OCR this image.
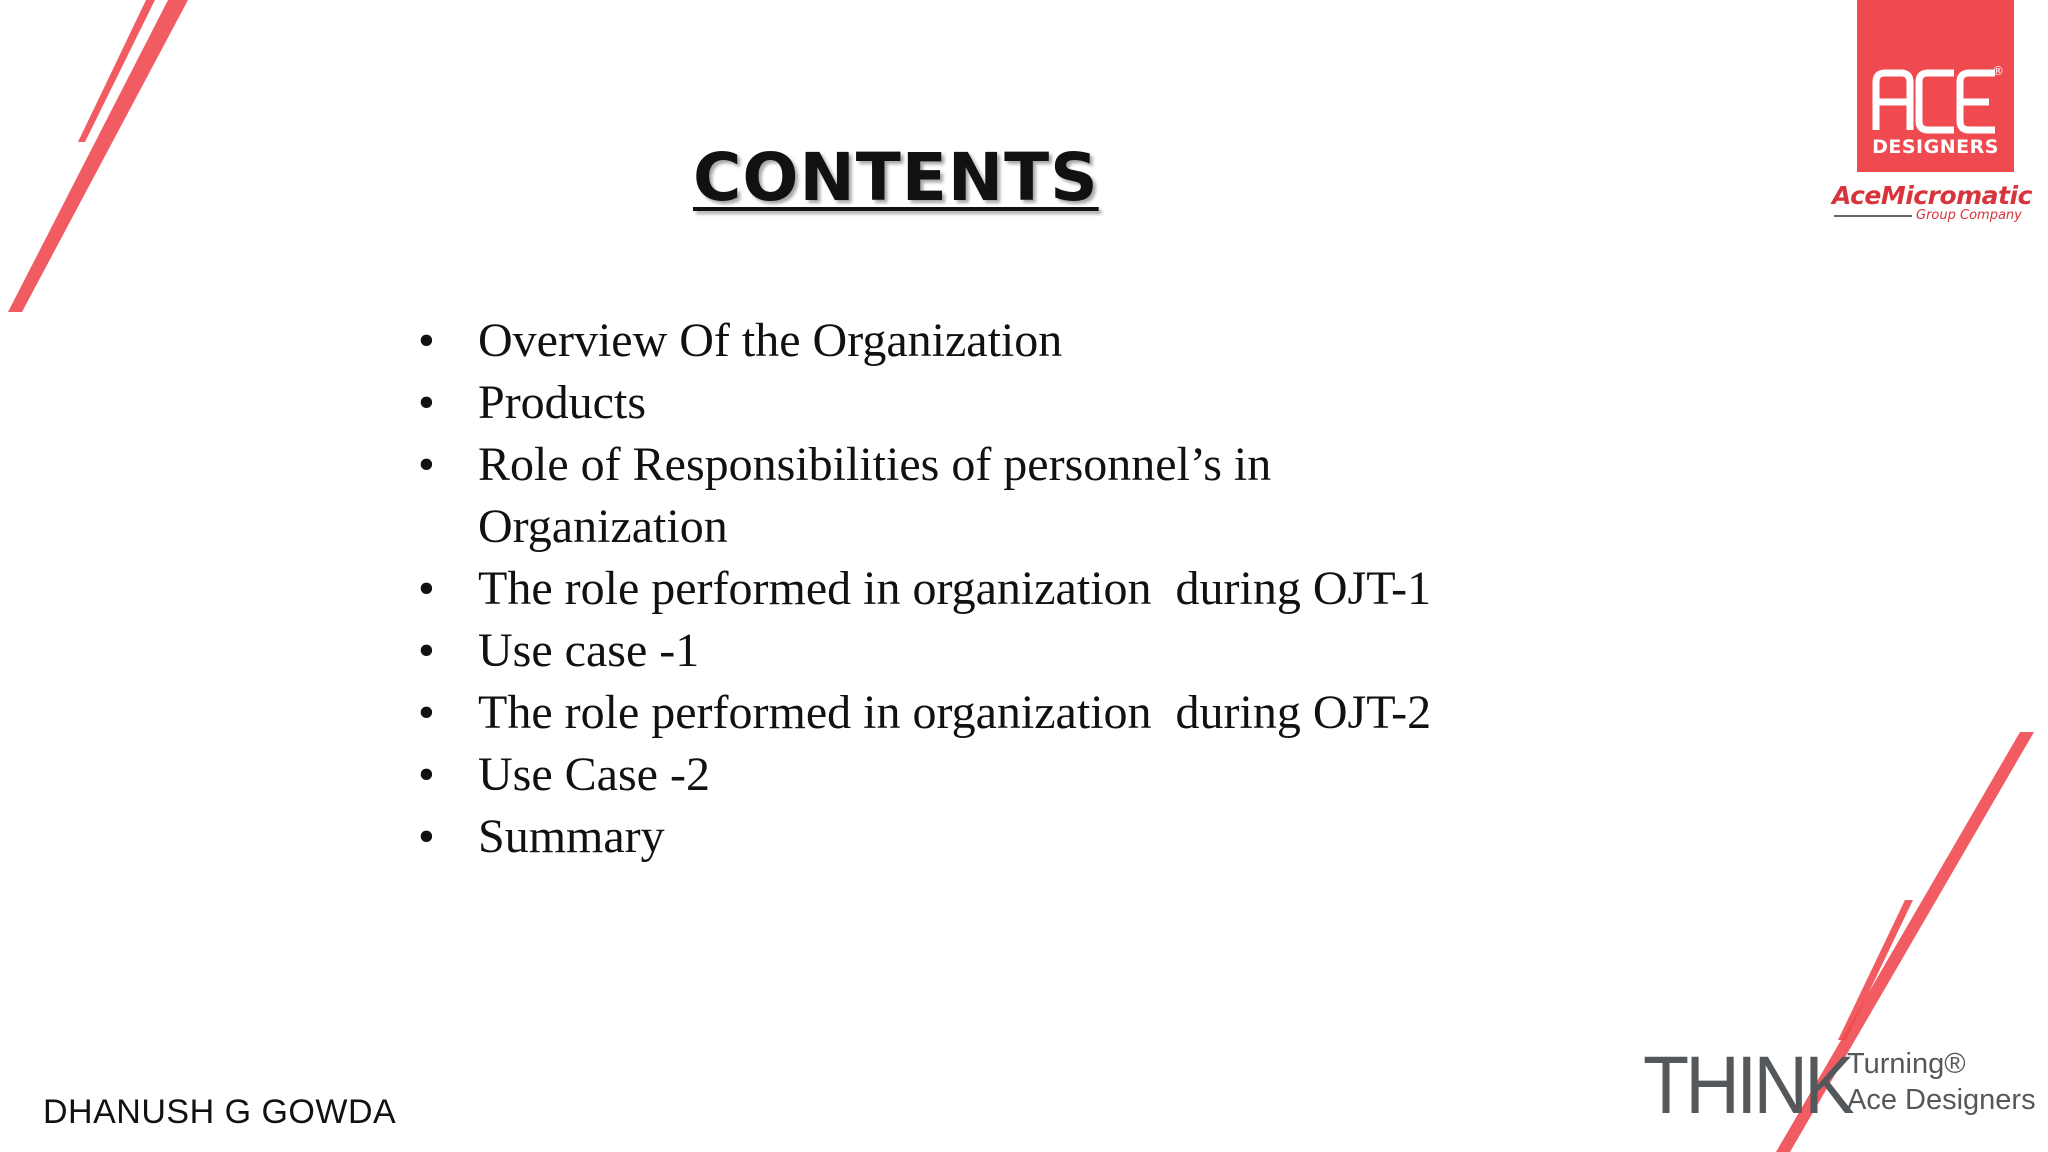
CONTENTS
• Overview Of the Organization
• Products
• Role of Responsibilities of personnel’s in Organization
• The role performed in organization  during OJT-1
• Use case -1
• The role performed in organization  during OJT-2
• Use Case -2
• Summary
DHANUSH G GOWDA
®
DESIGNERS
AceMicromatic
Group Company
THINK
Turning®
Ace Designers
